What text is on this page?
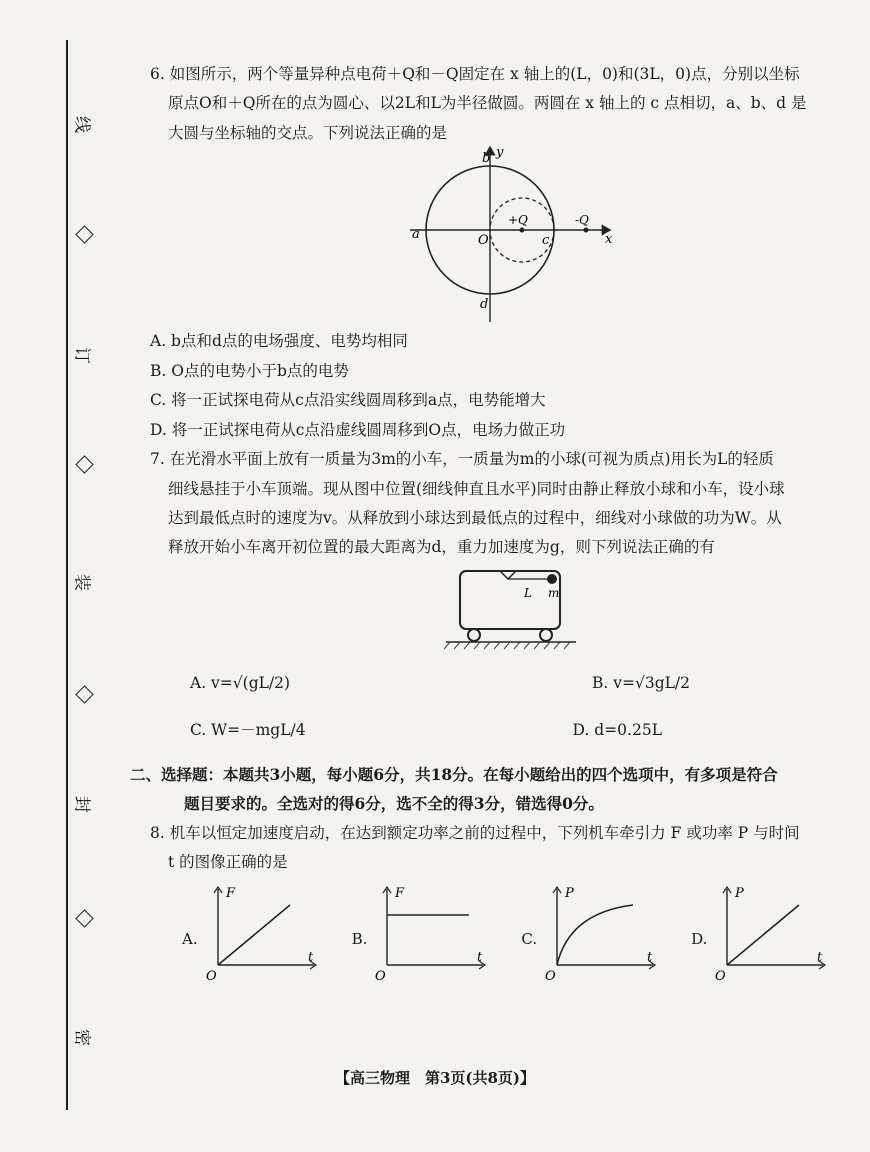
线
订
装
封
密

6. 如图所示，两个等量异种点电荷＋Q和－Q固定在 x 轴上的(L，0)和(3L，0)点，分别以坐标

原点O和＋Q所在的点为圆心、以2L和L为半径做圆。两圆在 x 轴上的 c 点相切，a、b、d 是

大圆与坐标轴的交点。下列说法正确的是

y
x
b
a	O
+Q
c
-Q
d

A. b点和d点的电场强度、电势均相同

B. O点的电势小于b点的电势

C. 将一正试探电荷从c点沿实线圆周移到a点，电势能增大

D. 将一正试探电荷从c点沿虚线圆周移到O点，电场力做正功

7. 在光滑水平面上放有一质量为3m的小车，一质量为m的小球(可视为质点)用长为L的轻质

细线悬挂于小车顶端。现从图中位置(细线伸直且水平)同时由静止释放小球和小车，设小球

达到最低点时的速度为v。从释放到小球达到最低点的过程中，细线对小球做的功为W。从

释放开始小车离开初位置的最大距离为d，重力加速度为g，则下列说法正确的有

L m
A. v=√(gL/2)	B. v=√3gL/2
C. W=－mgL/4	D. d=0.25L

二、选择题：本题共3小题，每小题6分，共18分。在每小题给出的四个选项中，有多项是符合

题目要求的。全选对的得6分，选不全的得3分，错选得0分。

8. 机车以恒定加速度启动，在达到额定功率之前的过程中，下列机车牵引力 F 或功率 P 与时间

t 的图像正确的是

A.
F
t
O
B.
F
t
O
C.
P
t
O
D.
P
t
O
【高三物理　第3页(共8页)】
